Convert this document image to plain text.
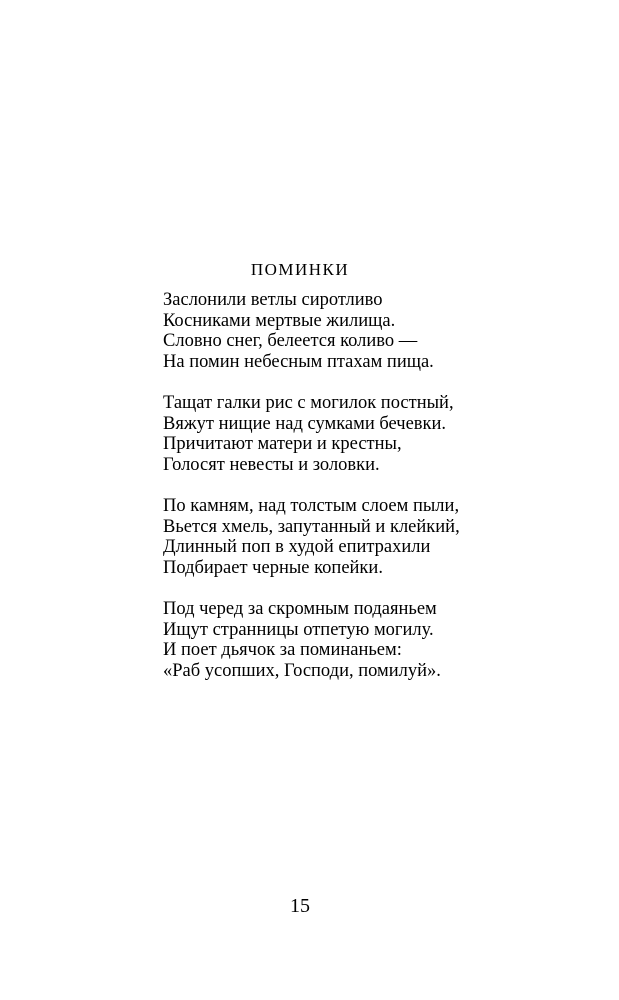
ПОМИНКИ
Заслонили ветлы сиротливо
Косниками мертвые жилища.
Словно снег, белеется коливо —
На помин небесным птахам пища.
Тащат галки рис с могилок постный,
Вяжут нищие над сумками бечевки.
Причитают матери и крестны,
Голосят невесты и золовки.
По камням, над толстым слоем пыли,
Вьется хмель, запутанный и клейкий,
Длинный поп в худой епитрахили
Подбирает черные копейки.
Под черед за скромным подаяньем
Ищут странницы отпетую могилу.
И поет дьячок за поминаньем:
«Раб усопших, Господи, помилуй».
15
